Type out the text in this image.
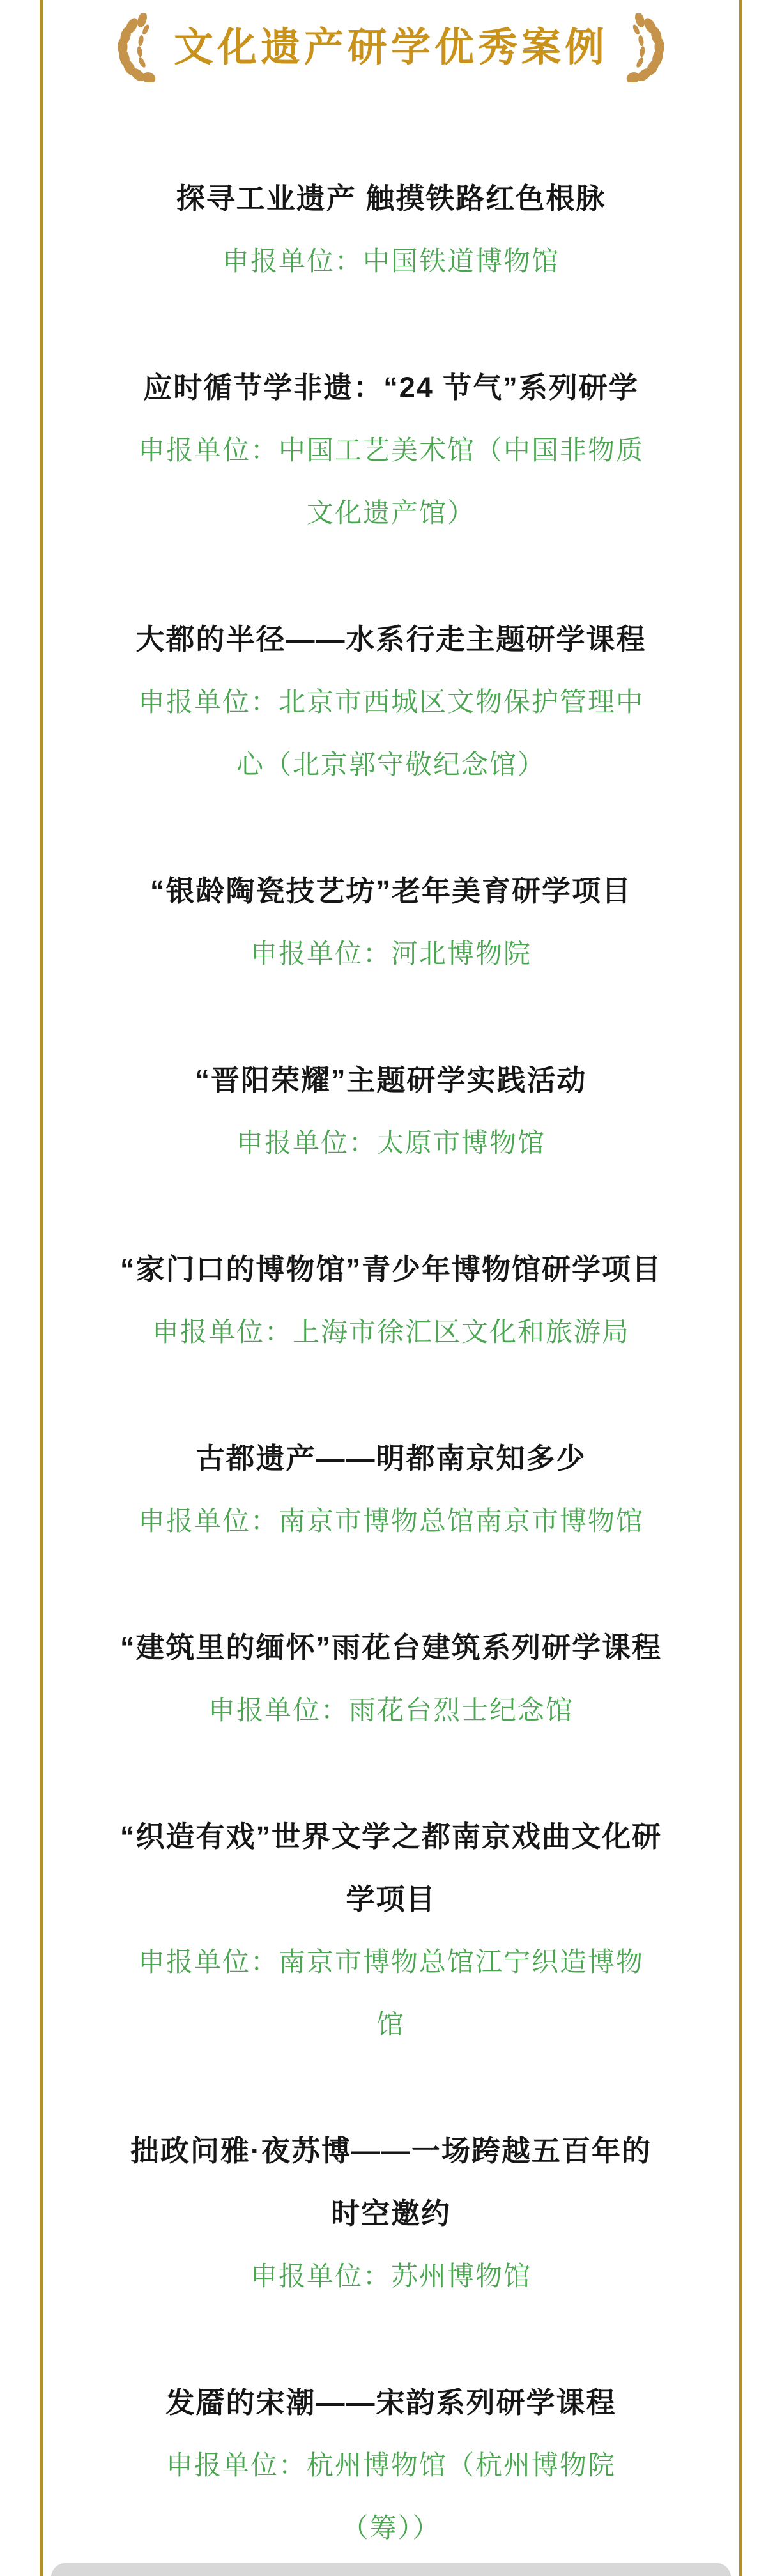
文化遗产研学优秀案例
探寻工业遗产 触摸铁路红色根脉
申报单位：中国铁道博物馆
应时循节学非遗：“24 节气”系列研学
申报单位：中国工艺美术馆（中国非物质
文化遗产馆）
大都的半径——水系行走主题研学课程
申报单位：北京市西城区文物保护管理中
心（北京郭守敬纪念馆）
“银龄陶瓷技艺坊”老年美育研学项目
申报单位：河北博物院
“晋阳荣耀”主题研学实践活动
申报单位：太原市博物馆
“家门口的博物馆”青少年博物馆研学项目
申报单位：上海市徐汇区文化和旅游局
古都遗产——明都南京知多少
申报单位：南京市博物总馆南京市博物馆
“建筑里的缅怀”雨花台建筑系列研学课程
申报单位：雨花台烈士纪念馆
“织造有戏”世界文学之都南京戏曲文化研
学项目
申报单位：南京市博物总馆江宁织造博物
馆
拙政问雅·夜苏博——一场跨越五百年的
时空邀约
申报单位：苏州博物馆
发靥的宋潮——宋韵系列研学课程
申报单位：杭州博物馆（杭州博物院
（筹））
